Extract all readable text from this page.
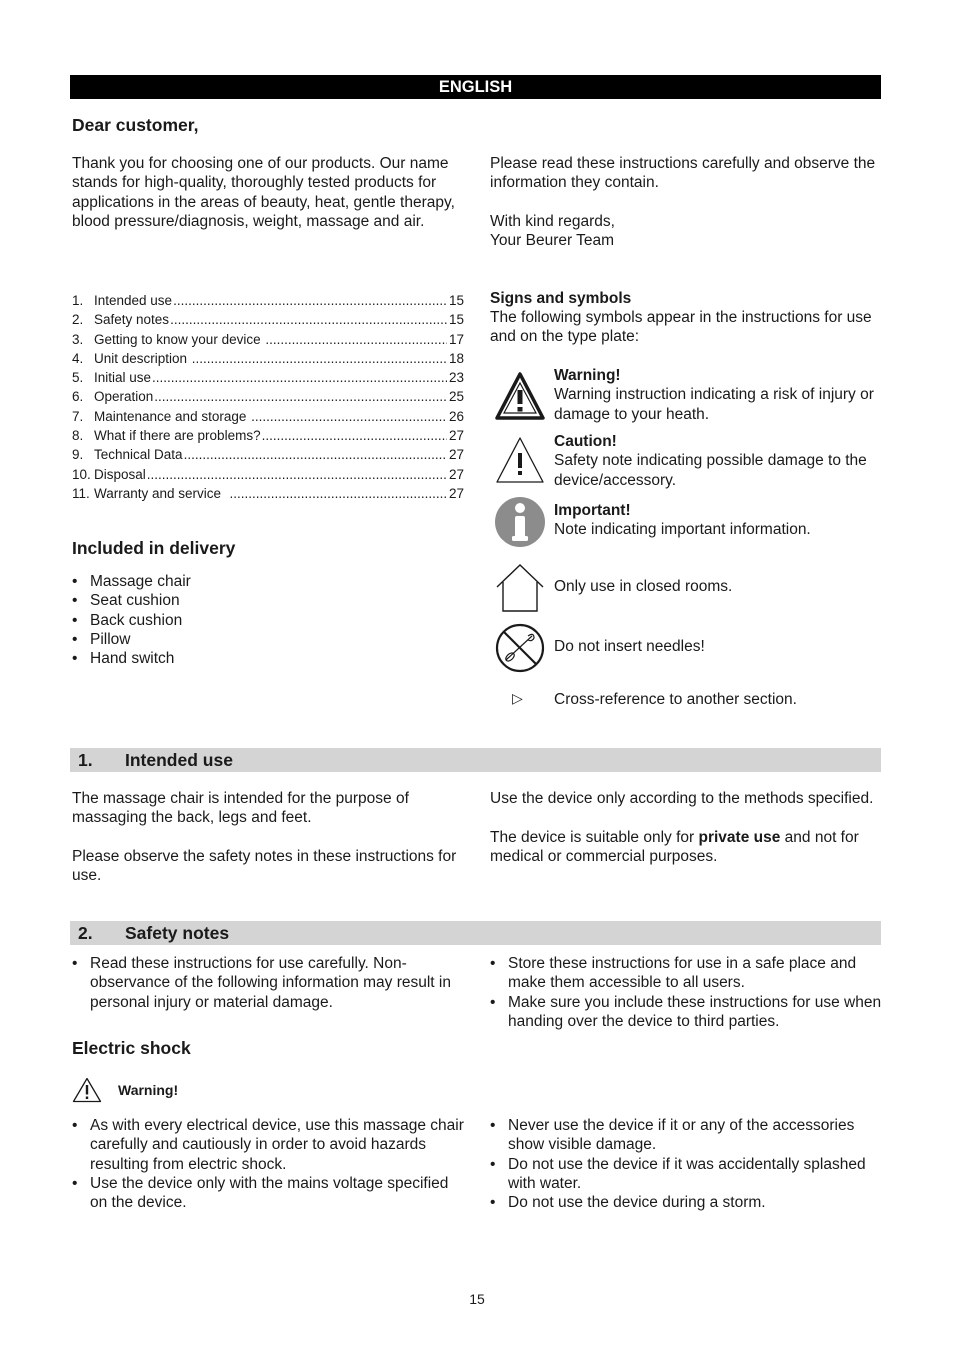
ENGLISH
Dear customer,

Thank you for choosing one of our products. Our name stands for high-quality, thoroughly tested products for applications in the areas of beauty, heat, gentle therapy, blood pressure/diagnosis, weight, massage and air.

Please read these instructions carefully and observe the information they contain.

With kind regards,

Your Beurer Team

1. Intended use .....	15
2. Safety notes .....	15
3. Getting to know your device .....	17
4. Unit description .....	18
5. Initial use .....	23
6. Operation .....	25
7. Maintenance and storage .....	26
8. What if there are problems? .....	27
9. Technical Data .....	27
10. Disposal .....	27
11. Warranty and service .....	27
Included in delivery
• Massage chair
• Seat cushion
• Back cushion
• Pillow
• Hand switch
Signs and symbols

The following symbols appear in the instructions for use and on the type plate:

Warning!
Warning instruction indicating a risk of injury or damage to your heath.
Caution!
Safety note indicating possible damage to the device/accessory.
Important!
Note indicating important information.
Only use in closed rooms.
Do not insert needles!
▷ Cross-reference to another section.
1. Intended use

The massage chair is intended for the purpose of massaging the back, legs and feet.

Please observe the safety notes in these instructions for use.

Use the device only according to the methods specified.

The device is suitable only for private use and not for medical or commercial purposes.

2. Safety notes
• Read these instructions for use carefully. Non-observance of the following information may result in personal injury or material damage.
• Store these instructions for use in a safe place and make them accessible to all users.
• Make sure you include these instructions for use when handing over the device to third parties.
Electric shock
Warning!
• As with every electrical device, use this massage chair carefully and cautiously in order to avoid hazards resulting from electric shock.
• Use the device only with the mains voltage specified on the device.
• Never use the device if it or any of the accessories show visible damage.
• Do not use the device if it was accidentally splashed with water.
• Do not use the device during a storm.
15
